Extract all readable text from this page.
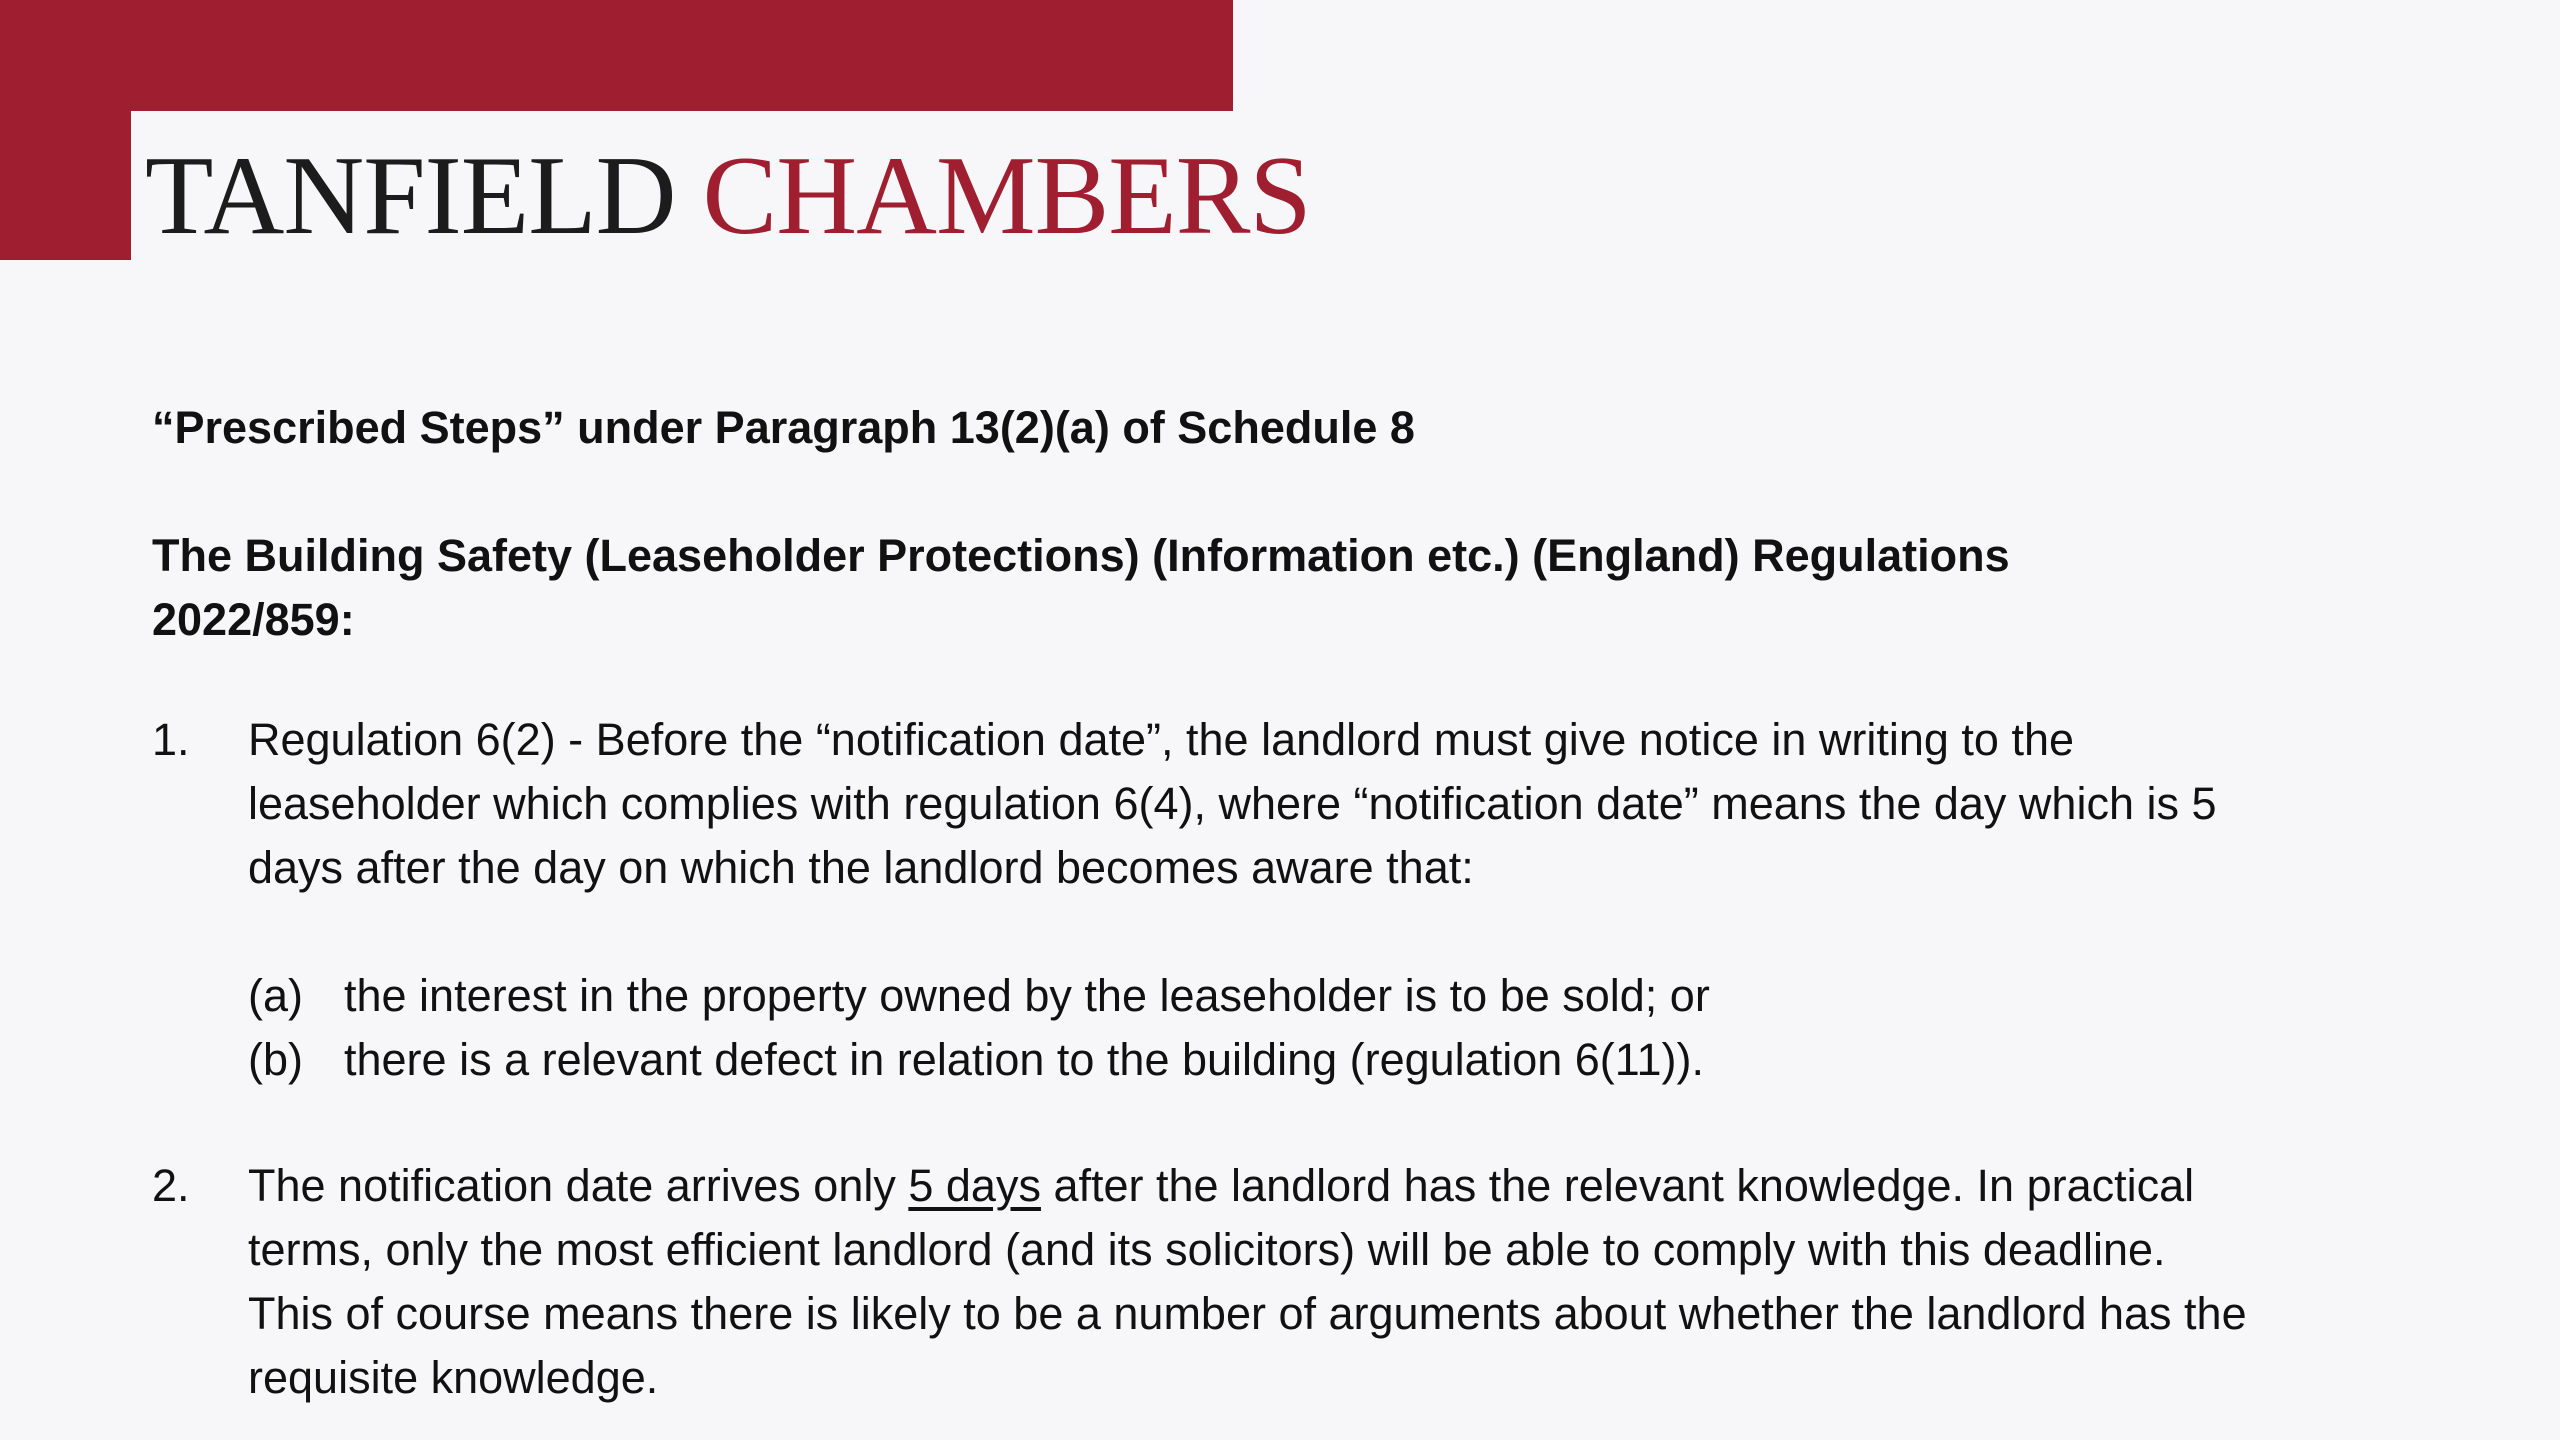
TANFIELD CHAMBERS

“Prescribed Steps” under Paragraph 13(2)(a) of Schedule 8

The Building Safety (Leaseholder Protections) (Information etc.) (England) Regulations
2022/859:

1.	Regulation 6(2) - Before the “notification date”, the landlord must give notice in writing to the leaseholder which complies with regulation 6(4), where “notification date” means the day which is 5 days after the day on which the landlord becomes aware that:

(a) the interest in the property owned by the leaseholder is to be sold; or
(b) there is a relevant defect in relation to the building (regulation 6(11)).
2.	The notification date arrives only 5 days after the landlord has the relevant knowledge. In practical terms, only the most efficient landlord (and its solicitors) will be able to comply with this deadline. This of course means there is likely to be a number of arguments about whether the landlord has the requisite knowledge.
